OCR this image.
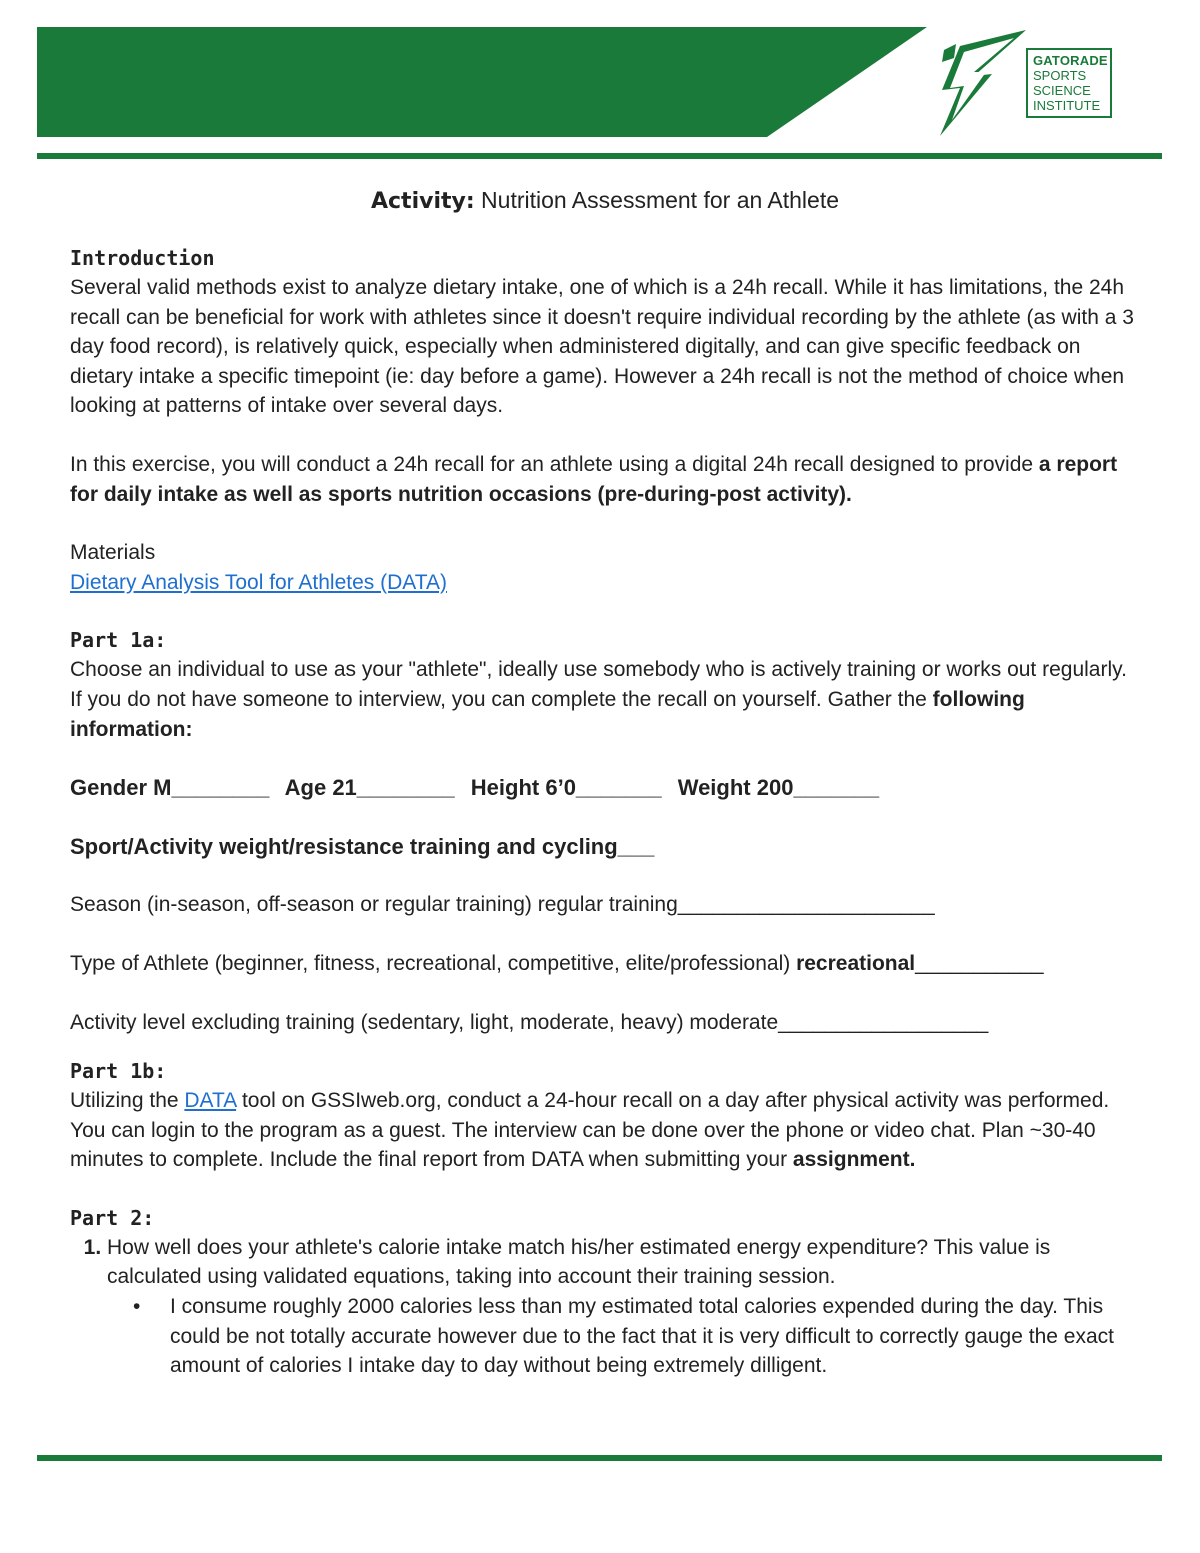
GATORADE
SPORTS
SCIENCE
INSTITUTE
Activity: Nutrition Assessment for an Athlete
Introduction

Several valid methods exist to analyze dietary intake, one of which is a 24h recall. While it has limitations, the 24h recall can be beneficial for work with athletes since it doesn't require individual recording by the athlete (as with a 3 day food record), is relatively quick, especially when administered digitally, and can give specific feedback on dietary intake a specific timepoint (ie: day before a game). However a 24h recall is not the method of choice when looking at patterns of intake over several days.

In this exercise, you will conduct a 24h recall for an athlete using a digital 24h recall designed to provide a report for daily intake as well as sports nutrition occasions (pre-during-post activity).

Materials

Dietary Analysis Tool for Athletes (DATA)

Part 1a:

Choose an individual to use as your "athlete", ideally use somebody who is actively training or works out regularly. If you do not have someone to interview, you can complete the recall on yourself. Gather the following information:

Gender M________ Age 21________ Height 6’0_______ Weight 200_______

Sport/Activity weight/resistance training and cycling___

Season (in-season, off-season or regular training) regular training______________________

Type of Athlete (beginner, fitness, recreational, competitive, elite/professional) recreational___________

Activity level excluding training (sedentary, light, moderate, heavy) moderate__________________

Part 1b:

Utilizing the DATA tool on GSSIweb.org, conduct a 24-hour recall on a day after physical activity was performed. You can login to the program as a guest. The interview can be done over the phone or video chat. Plan ~30-40 minutes to complete. Include the final report from DATA when submitting your assignment.

Part 2:
1. How well does your athlete's calorie intake match his/her estimated energy expenditure? This value is calculated using validated equations, taking into account their training session.
• I consume roughly 2000 calories less than my estimated total calories expended during the day. This could be not totally accurate however due to the fact that it is very difficult to correctly gauge the exact amount of calories I intake day to day without being extremely dilligent.
